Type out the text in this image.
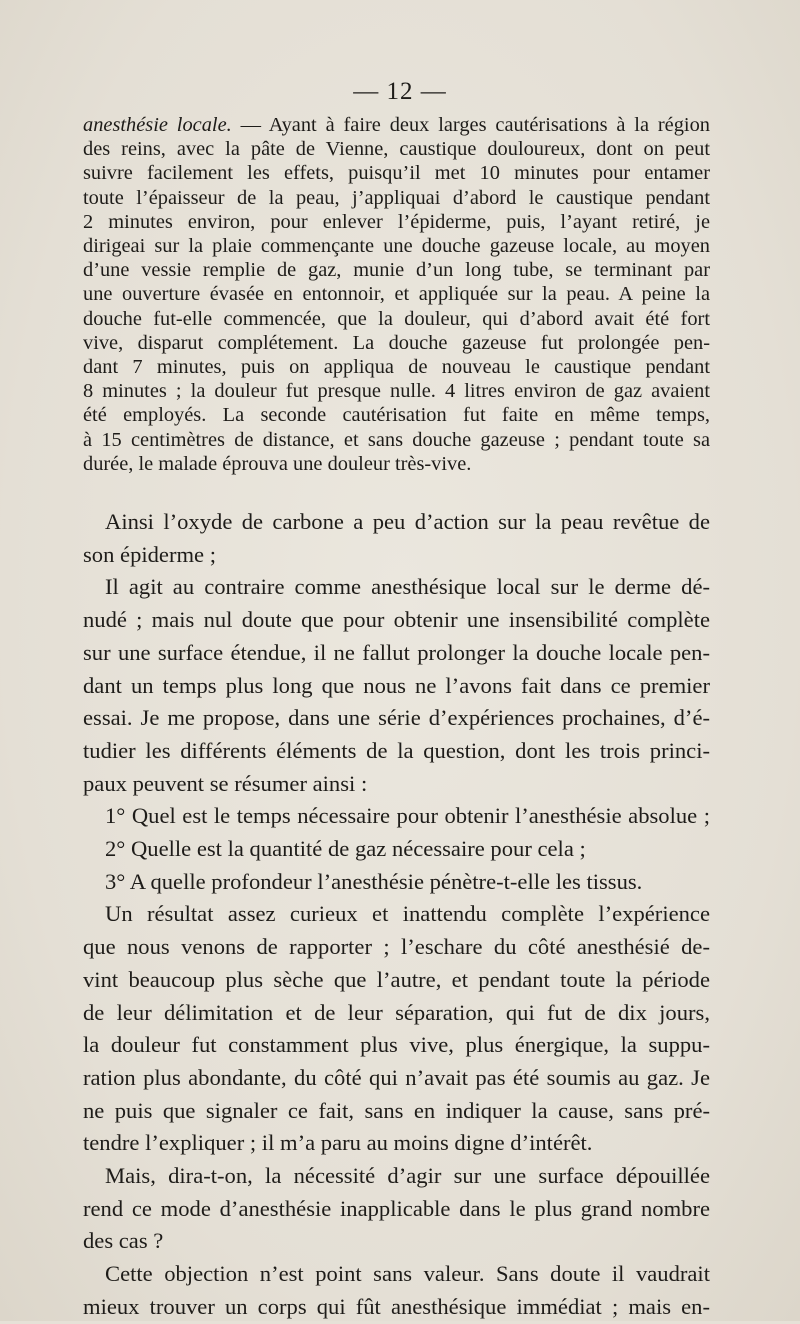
— 12 —
anesthésie locale. — Ayant à faire deux larges cautérisations à la région
des reins, avec la pâte de Vienne, caustique douloureux, dont on peut
suivre facilement les effets, puisqu’il met 10 minutes pour entamer
toute l’épaisseur de la peau, j’appliquai d’abord le caustique pendant
2 minutes environ, pour enlever l’épiderme, puis, l’ayant retiré, je
dirigeai sur la plaie commençante une douche gazeuse locale, au moyen
d’une vessie remplie de gaz, munie d’un long tube, se terminant par
une ouverture évasée en entonnoir, et appliquée sur la peau. A peine la
douche fut-elle commencée, que la douleur, qui d’abord avait été fort
vive, disparut complétement. La douche gazeuse fut prolongée pen-
dant 7 minutes, puis on appliqua de nouveau le caustique pendant
8 minutes ; la douleur fut presque nulle. 4 litres environ de gaz avaient
été employés. La seconde cautérisation fut faite en même temps,
à 15 centimètres de distance, et sans douche gazeuse ; pendant toute sa
durée, le malade éprouva une douleur très-vive.
Ainsi l’oxyde de carbone a peu d’action sur la peau revêtue de
son épiderme ;
Il agit au contraire comme anesthésique local sur le derme dé-
nudé ; mais nul doute que pour obtenir une insensibilité complète
sur une surface étendue, il ne fallut prolonger la douche locale pen-
dant un temps plus long que nous ne l’avons fait dans ce premier
essai. Je me propose, dans une série d’expériences prochaines, d’é-
tudier les différents éléments de la question, dont les trois princi-
paux peuvent se résumer ainsi :
1° Quel est le temps nécessaire pour obtenir l’anesthésie absolue ;
2° Quelle est la quantité de gaz nécessaire pour cela ;
3° A quelle profondeur l’anesthésie pénètre-t-elle les tissus.
Un résultat assez curieux et inattendu complète l’expérience
que nous venons de rapporter ; l’eschare du côté anesthésié de-
vint beaucoup plus sèche que l’autre, et pendant toute la période
de leur délimitation et de leur séparation, qui fut de dix jours,
la douleur fut constamment plus vive, plus énergique, la suppu-
ration plus abondante, du côté qui n’avait pas été soumis au gaz. Je
ne puis que signaler ce fait, sans en indiquer la cause, sans pré-
tendre l’expliquer ; il m’a paru au moins digne d’intérêt.
Mais, dira-t-on, la nécessité d’agir sur une surface dépouillée
rend ce mode d’anesthésie inapplicable dans le plus grand nombre
des cas ?
Cette objection n’est point sans valeur. Sans doute il vaudrait
mieux trouver un corps qui fût anesthésique immédiat ; mais en-
